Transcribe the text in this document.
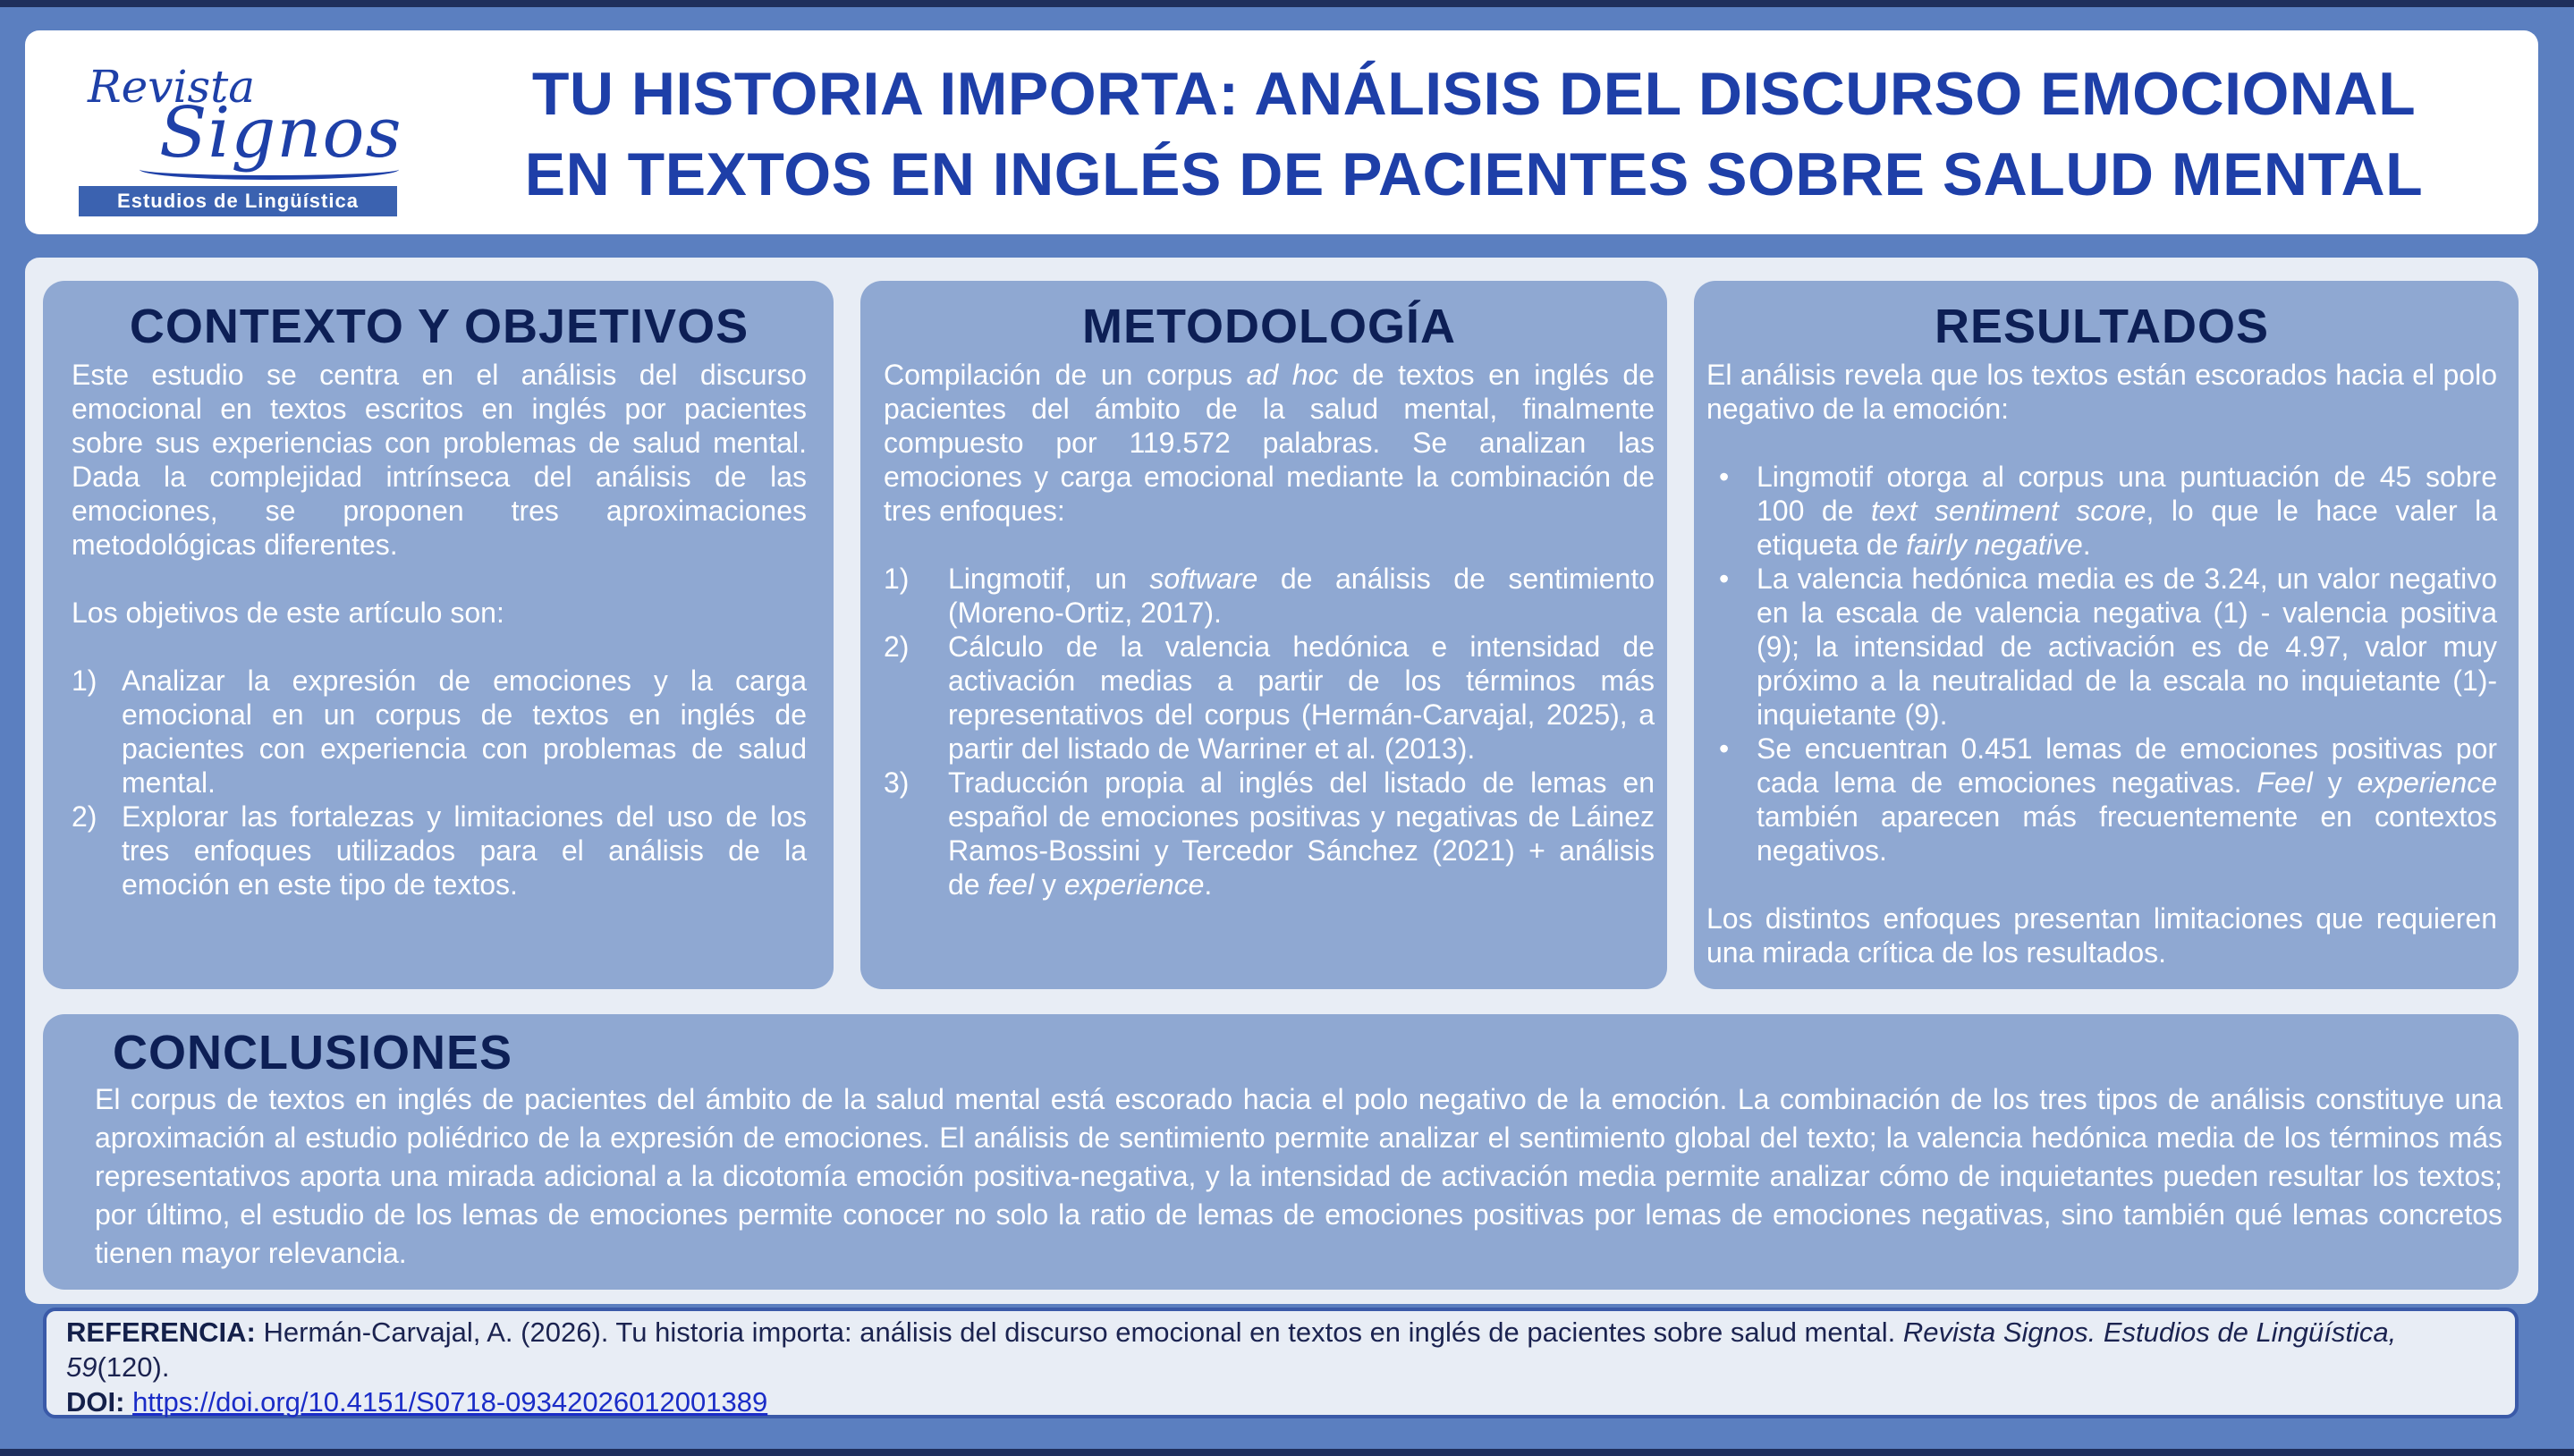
Revista
Signos
Estudios de Lingüística
TU HISTORIA IMPORTA: ANÁLISIS DEL DISCURSO EMOCIONAL
EN TEXTOS EN INGLÉS DE PACIENTES SOBRE SALUD MENTAL
CONTEXTO Y OBJETIVOS

Este estudio se centra en el análisis del discurso emocional en textos escritos en inglés por pacientes sobre sus experiencias con problemas de salud mental. Dada la complejidad intrínseca del análisis de las emociones, se proponen tres aproximaciones metodológicas diferentes.

Los objetivos de este artículo son:

1) Analizar la expresión de emociones y la carga emocional en un corpus de textos en inglés de pacientes con experiencia con problemas de salud mental.
2) Explorar las fortalezas y limitaciones del uso de los tres enfoques utilizados para el análisis de la emoción en este tipo de textos.
METODOLOGÍA

Compilación de un corpus ad hoc de textos en inglés de pacientes del ámbito de la salud mental, finalmente compuesto por 119.572 palabras. Se analizan las emociones y carga emocional mediante la combinación de tres enfoques:

1) Lingmotif, un software de análisis de sentimiento (Moreno-Ortiz, 2017).
2) Cálculo de la valencia hedónica e intensidad de activación medias a partir de los términos más representativos del corpus (Hermán-Carvajal, 2025), a partir del listado de Warriner et al. (2013).
3) Traducción propia al inglés del listado de lemas en español de emociones positivas y negativas de Láinez Ramos-Bossini y Tercedor Sánchez (2021) + análisis de feel y experience.
RESULTADOS

El análisis revela que los textos están escorados hacia el polo negativo de la emoción:

• Lingmotif otorga al corpus una puntuación de 45 sobre 100 de text sentiment score, lo que le hace valer la etiqueta de fairly negative.
• La valencia hedónica media es de 3.24, un valor negativo en la escala de valencia negativa (1) - valencia positiva (9); la intensidad de activación es de 4.97, valor muy próximo a la neutralidad de la escala no inquietante (1)-inquietante (9).
• Se encuentran 0.451 lemas de emociones positivas por cada lema de emociones negativas. Feel y experience también aparecen más frecuentemente en contextos negativos.

Los distintos enfoques presentan limitaciones que requieren una mirada crítica de los resultados.

CONCLUSIONES
El corpus de textos en inglés de pacientes del ámbito de la salud mental está escorado hacia el polo negativo de la emoción. La combinación de los tres tipos de análisis constituye una aproximación al estudio poliédrico de la expresión de emociones. El análisis de sentimiento permite analizar el sentimiento global del texto; la valencia hedónica media de los términos más representativos aporta una mirada adicional a la dicotomía emoción positiva-negativa, y la intensidad de activación media permite analizar cómo de inquietantes pueden resultar los textos; por último, el estudio de los lemas de emociones permite conocer no solo la ratio de lemas de emociones positivas por lemas de emociones negativas, sino también qué lemas concretos tienen mayor relevancia.
REFERENCIA: Hermán-Carvajal, A. (2026). Tu historia importa: análisis del discurso emocional en textos en inglés de pacientes sobre salud mental. Revista Signos. Estudios de Lingüística, 59(120).
DOI: https://doi.org/10.4151/S0718-09342026012001389
